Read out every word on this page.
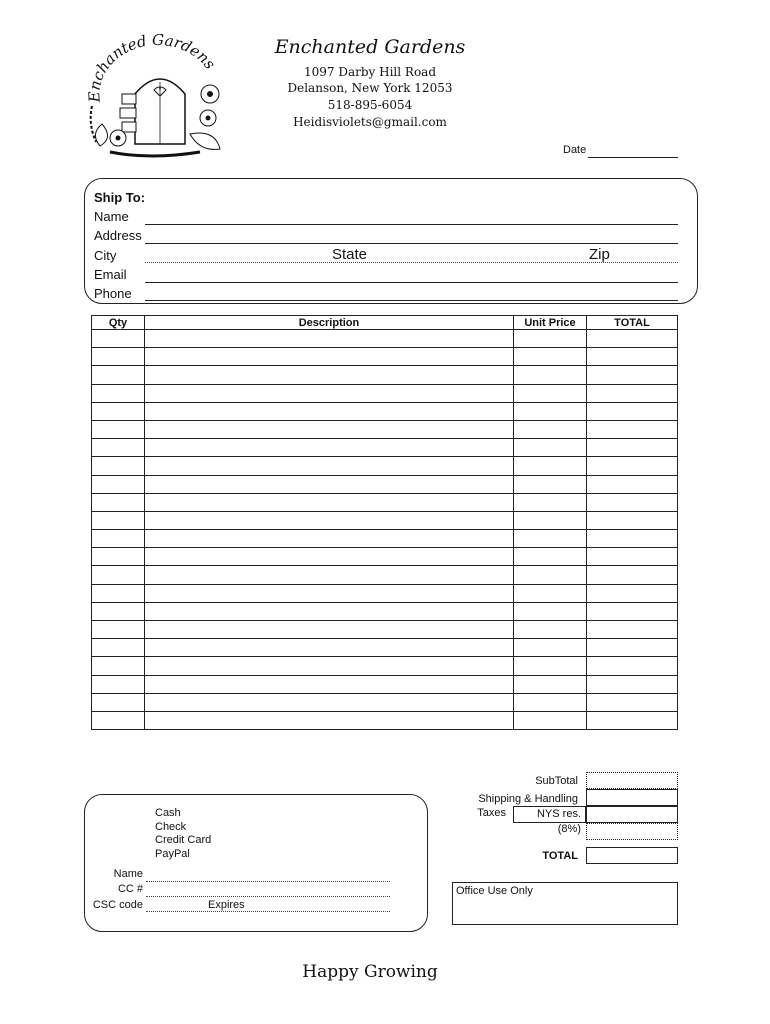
Enchanted Gardens
Enchanted Gardens
1097 Darby Hill Road
Delanson, New York 12053
518-895-6054
Heidisviolets@gmail.com
Date
Ship To:
Name
Address
City	State	Zip
Email
Phone
Qty	Description	Unit Price	TOTAL

SubTotal
Shipping & Handling
Taxes	NYS res. (8%)
TOTAL
Cash
Check
Credit Card
PayPal
Name
CC #
CSC code	Expires
Office Use Only
Happy Growing
